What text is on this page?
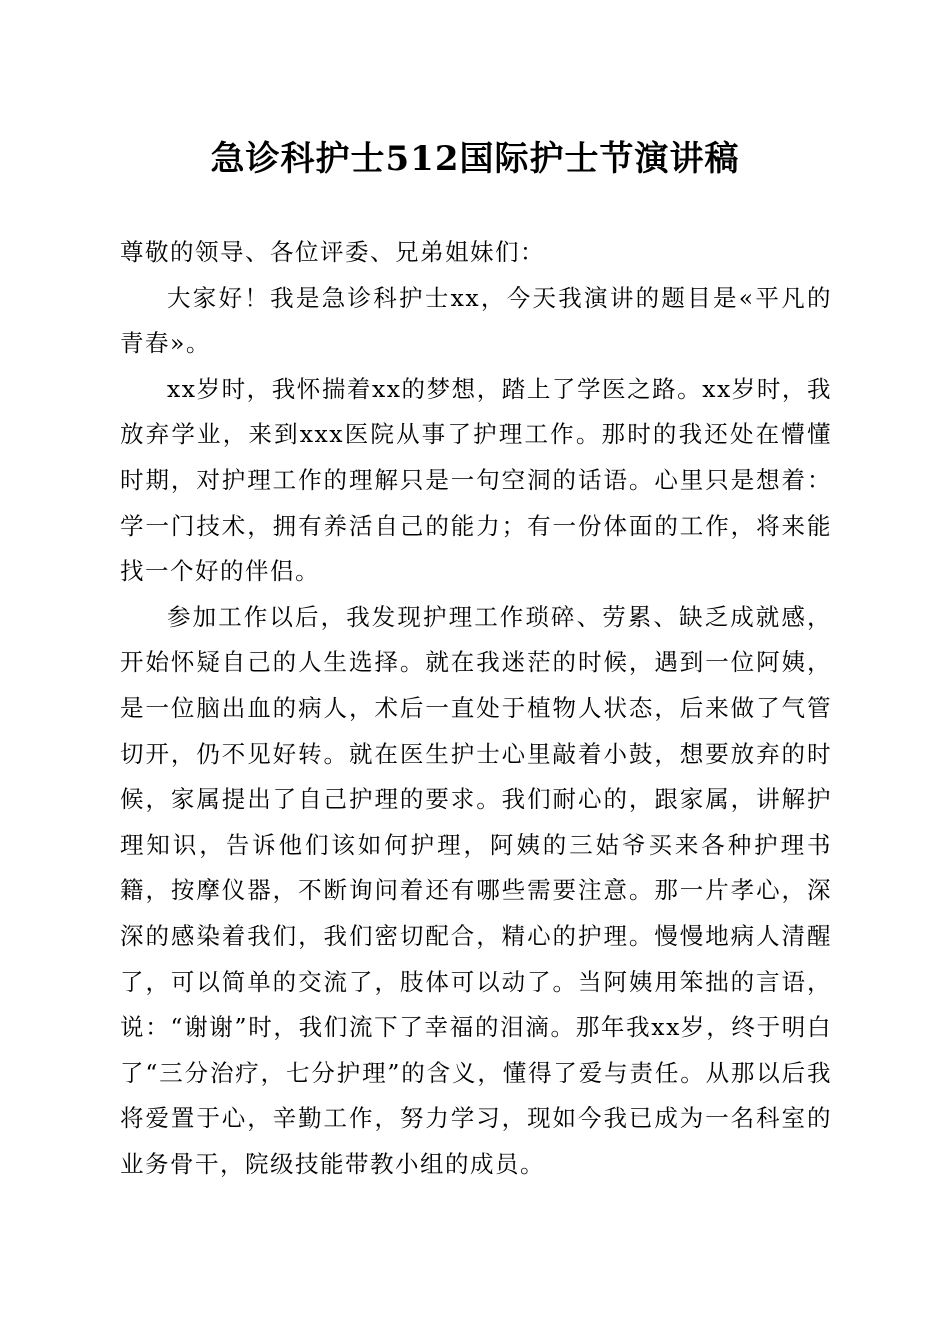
急诊科护士512国际护士节演讲稿

尊敬的领导、各位评委、兄弟姐妹们：

大家好！我是急诊科护士xx，今天我演讲的题目是«平凡的青春»。

xx岁时，我怀揣着xx的梦想，踏上了学医之路。xx岁时，我放弃学业，来到xxx医院从事了护理工作。那时的我还处在懵懂时期，对护理工作的理解只是一句空洞的话语。心里只是想着：学一门技术，拥有养活自己的能力；有一份体面的工作，将来能找一个好的伴侣。

参加工作以后，我发现护理工作琐碎、劳累、缺乏成就感，开始怀疑自己的人生选择。就在我迷茫的时候，遇到一位阿姨，是一位脑出血的病人，术后一直处于植物人状态，后来做了气管切开，仍不见好转。就在医生护士心里敲着小鼓，想要放弃的时候，家属提出了自己护理的要求。我们耐心的，跟家属，讲解护理知识，告诉他们该如何护理，阿姨的三姑爷买来各种护理书籍，按摩仪器，不断询问着还有哪些需要注意。那一片孝心，深深的感染着我们，我们密切配合，精心的护理。慢慢地病人清醒了，可以简单的交流了，肢体可以动了。当阿姨用笨拙的言语，说：“谢谢”时，我们流下了幸福的泪滴。那年我xx岁，终于明白了“三分治疗，七分护理”的含义，懂得了爱与责任。从那以后我将爱置于心，辛勤工作，努力学习，现如今我已成为一名科室的业务骨干，院级技能带教小组的成员。
